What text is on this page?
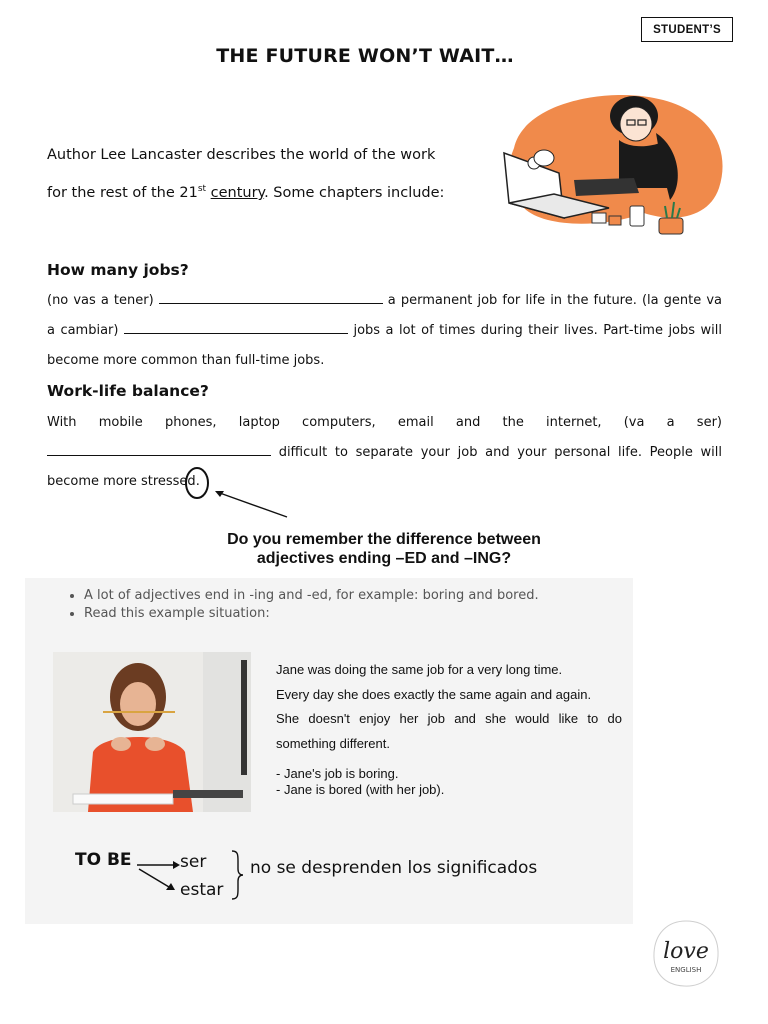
STUDENT’S
THE FUTURE WON’T WAIT…
Author Lee Lancaster describes the world of the work
for the rest of the 21st century. Some chapters include:
How many jobs?
(no vas a tener)	a permanent job for life in the future. (la gente va
a cambiar)	jobs a lot of times during their lives. Part-time jobs will
become more common than full-time jobs.
Work-life balance?
With mobile phones, laptop computers, email and the internet, (va a ser)
difficult to separate your job and your personal life. People will
become more stressed.
Do you remember the difference between
adjectives ending –ED and –ING?
• A lot of adjectives end in -ing and -ed, for example: boring and bored.
• Read this example situation:
Jane was doing the same job for a very long time.
Every day she does exactly the same again and again.
She doesn't enjoy her job and she would like to do
something different.
- Jane's job is boring.
- Jane is bored (with her job).
TO BE	ser
estar
no se desprenden los significados
love
ENGLISH
